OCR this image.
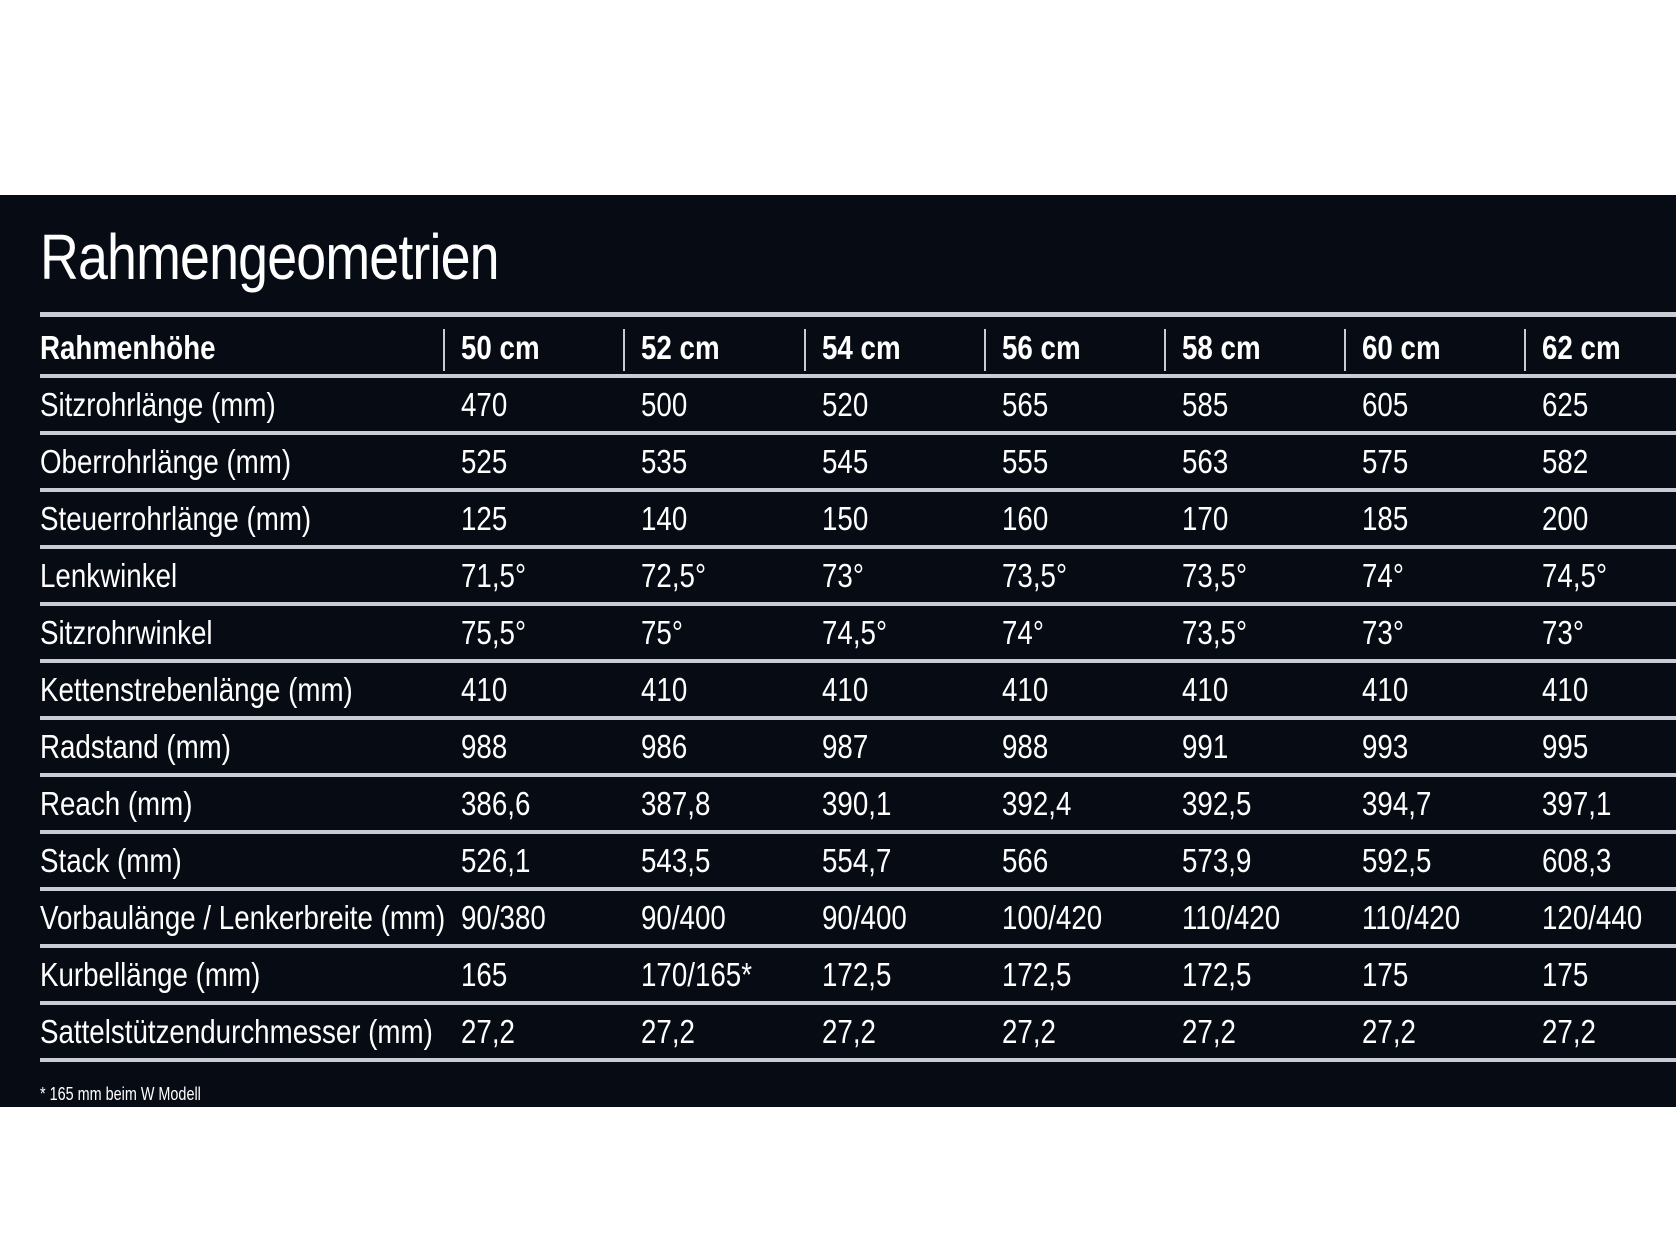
Rahmengeometrien
Rahmenhöhe	50 cm	52 cm	54 cm	56 cm	58 cm	60 cm	62 cm
Sitzrohrlänge (mm)	470	500	520	565	585	605	625
Oberrohrlänge (mm)	525	535	545	555	563	575	582
Steuerrohrlänge (mm)	125	140	150	160	170	185	200
Lenkwinkel	71,5°	72,5°	73°	73,5°	73,5°	74°	74,5°
Sitzrohrwinkel	75,5°	75°	74,5°	74°	73,5°	73°	73°
Kettenstrebenlänge (mm)	410	410	410	410	410	410	410
Radstand (mm)	988	986	987	988	991	993	995
Reach (mm)	386,6	387,8	390,1	392,4	392,5	394,7	397,1
Stack (mm)	526,1	543,5	554,7	566	573,9	592,5	608,3
Vorbaulänge / Lenkerbreite (mm) 90/380	90/400	90/400	100/420 110/420 110/420 120/440
Kurbellänge (mm)	165	170/165* 172,5	172,5	172,5	175	175
Sattelstützendurchmesser (mm) 27,2	27,2	27,2	27,2	27,2	27,2	27,2
* 165 mm beim W Modell
